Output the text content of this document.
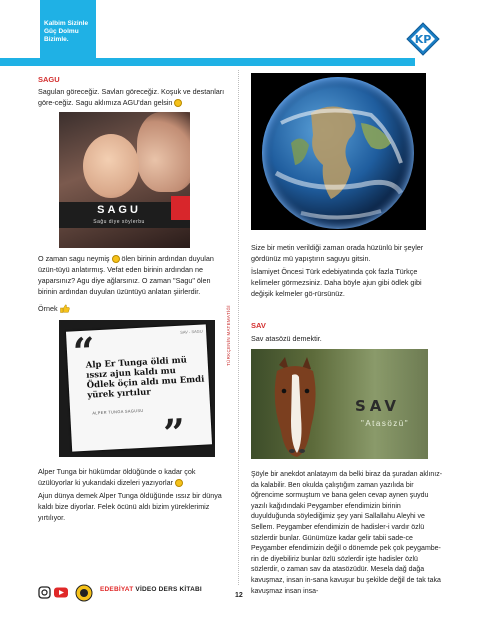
Kalbim Sizinle
Güç Dolmu
Bizimle.	KP
TÜRKÇENİN MATEMATİĞİ
SAGU
Sagulan göreceğiz. Savları göreceğiz. Koşuk ve destanları göre-ceğiz. Sagu aklımıza AGU'dan gelsin
SAGU
Sağu diye söylerbu
O zaman sagu neymiş ölen birinin ardından duyulan üzün-tüyü anlatırmış. Vefat eden birinin ardından ne yaparsınız? Agu diye ağlarsınız. O zaman "Sagu" ölen birinin ardından duyulan üzüntüyü anlatan şiirlerdir.
Örnek
SAV - SAGU
“
Alp Er Tunga öldi mü ıssız ajun kaldı mu Ödlek öçin aldı mu Emdi yürek yırtılur
ALPER TUNGA SAGUSU ”
Alper Tunga bir hükümdar öldüğünde o kadar çok üzülüyorlar ki yukarıdaki dizeleri yazıyorlar
Ajun dünya demek Alper Tunga öldüğünde ıssız bir dünya kaldı bize diyorlar. Felek öcünü aldı bizim yüreklerimiz yırtılıyor.
Size bir metin verildiği zaman orada hüzünlü bir şeyler gördünüz mü yapıştırın saguyu gitsin.
İslamiyet Öncesi Türk edebiyatında çok fazla Türkçe kelimeler görmezsiniz. Daha böyle ajun gibi ödlek gibi değişik kelmeler gö-rürsünüz.
SAV
Sav atasözü demektir.
SAV
"Atasözü"
Şöyle bir anekdot anlatayım da belki biraz da şuradan aklınız-da kalabilir. Ben okulda çalıştığım zaman yazılıda bir öğrencime sormuştum ve bana gelen cevap aynen şuydu yazılı kağıdındaki Peygamber efendimizin birinin duyulduğunda söylediğimiz şey yani Sallallahu Aleyhi ve Sellem. Peygamber efendimizin de hadisler-i vardır özlü sözlerdir bunlar. Günümüze kadar gelir tabii sade-ce Peygamber efendimizin değil o dönemde pek çok peygambe-rin de diyebiliriz bunlar özlü sözlerdir işte hadisler özlü sözlerdir, o zaman sav da atasözüdür. Mesela dağ dağa kavuşmaz, insan in-sana kavuşur bu şekilde değil de tak taka kavuşmaz insan insa-
EDEBİYAT VİDEO DERS KİTABI
12
